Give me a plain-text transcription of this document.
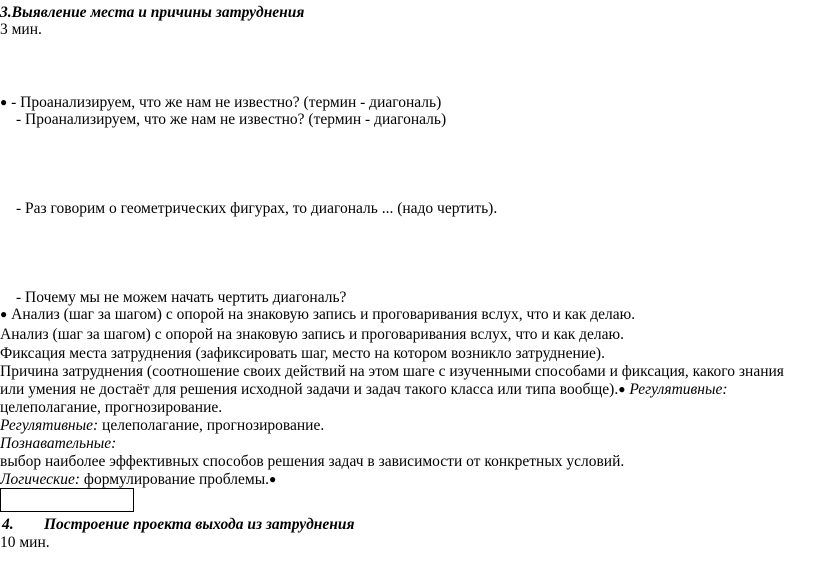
3.Выявление места и причины затруднения
3 мин.
● - Проанализируем, что же нам не известно? (термин - диагональ)
- Проанализируем, что же нам не известно? (термин - диагональ)
- Раз говорим о геометрических фигурах, то диагональ ... (надо чертить).
- Почему мы не можем начать чертить диагональ?
● Анализ (шаг за шагом) с опорой на знаковую запись и проговаривания вслух, что и как делаю.
Анализ (шаг за шагом) с опорой на знаковую запись и проговаривания вслух, что и как делаю.
Фиксация места затруднения (зафиксировать шаг, место на котором возникло затруднение).
Причина затруднения (соотношение своих действий на этом шаге с изученными способами и фиксация, какого знания
или умения не достаёт для решения исходной задачи и задач такого класса или типа вообще).● Регулятивные:
целеполагание, прогнозирование.
Регулятивные: целеполагание, прогнозирование.
Познавательные:
выбор наиболее эффективных способов решения задач в зависимости от конкретных условий.
Логические: формулирование проблемы.●
4. Построение проекта выхода из затруднения
10 мин.
